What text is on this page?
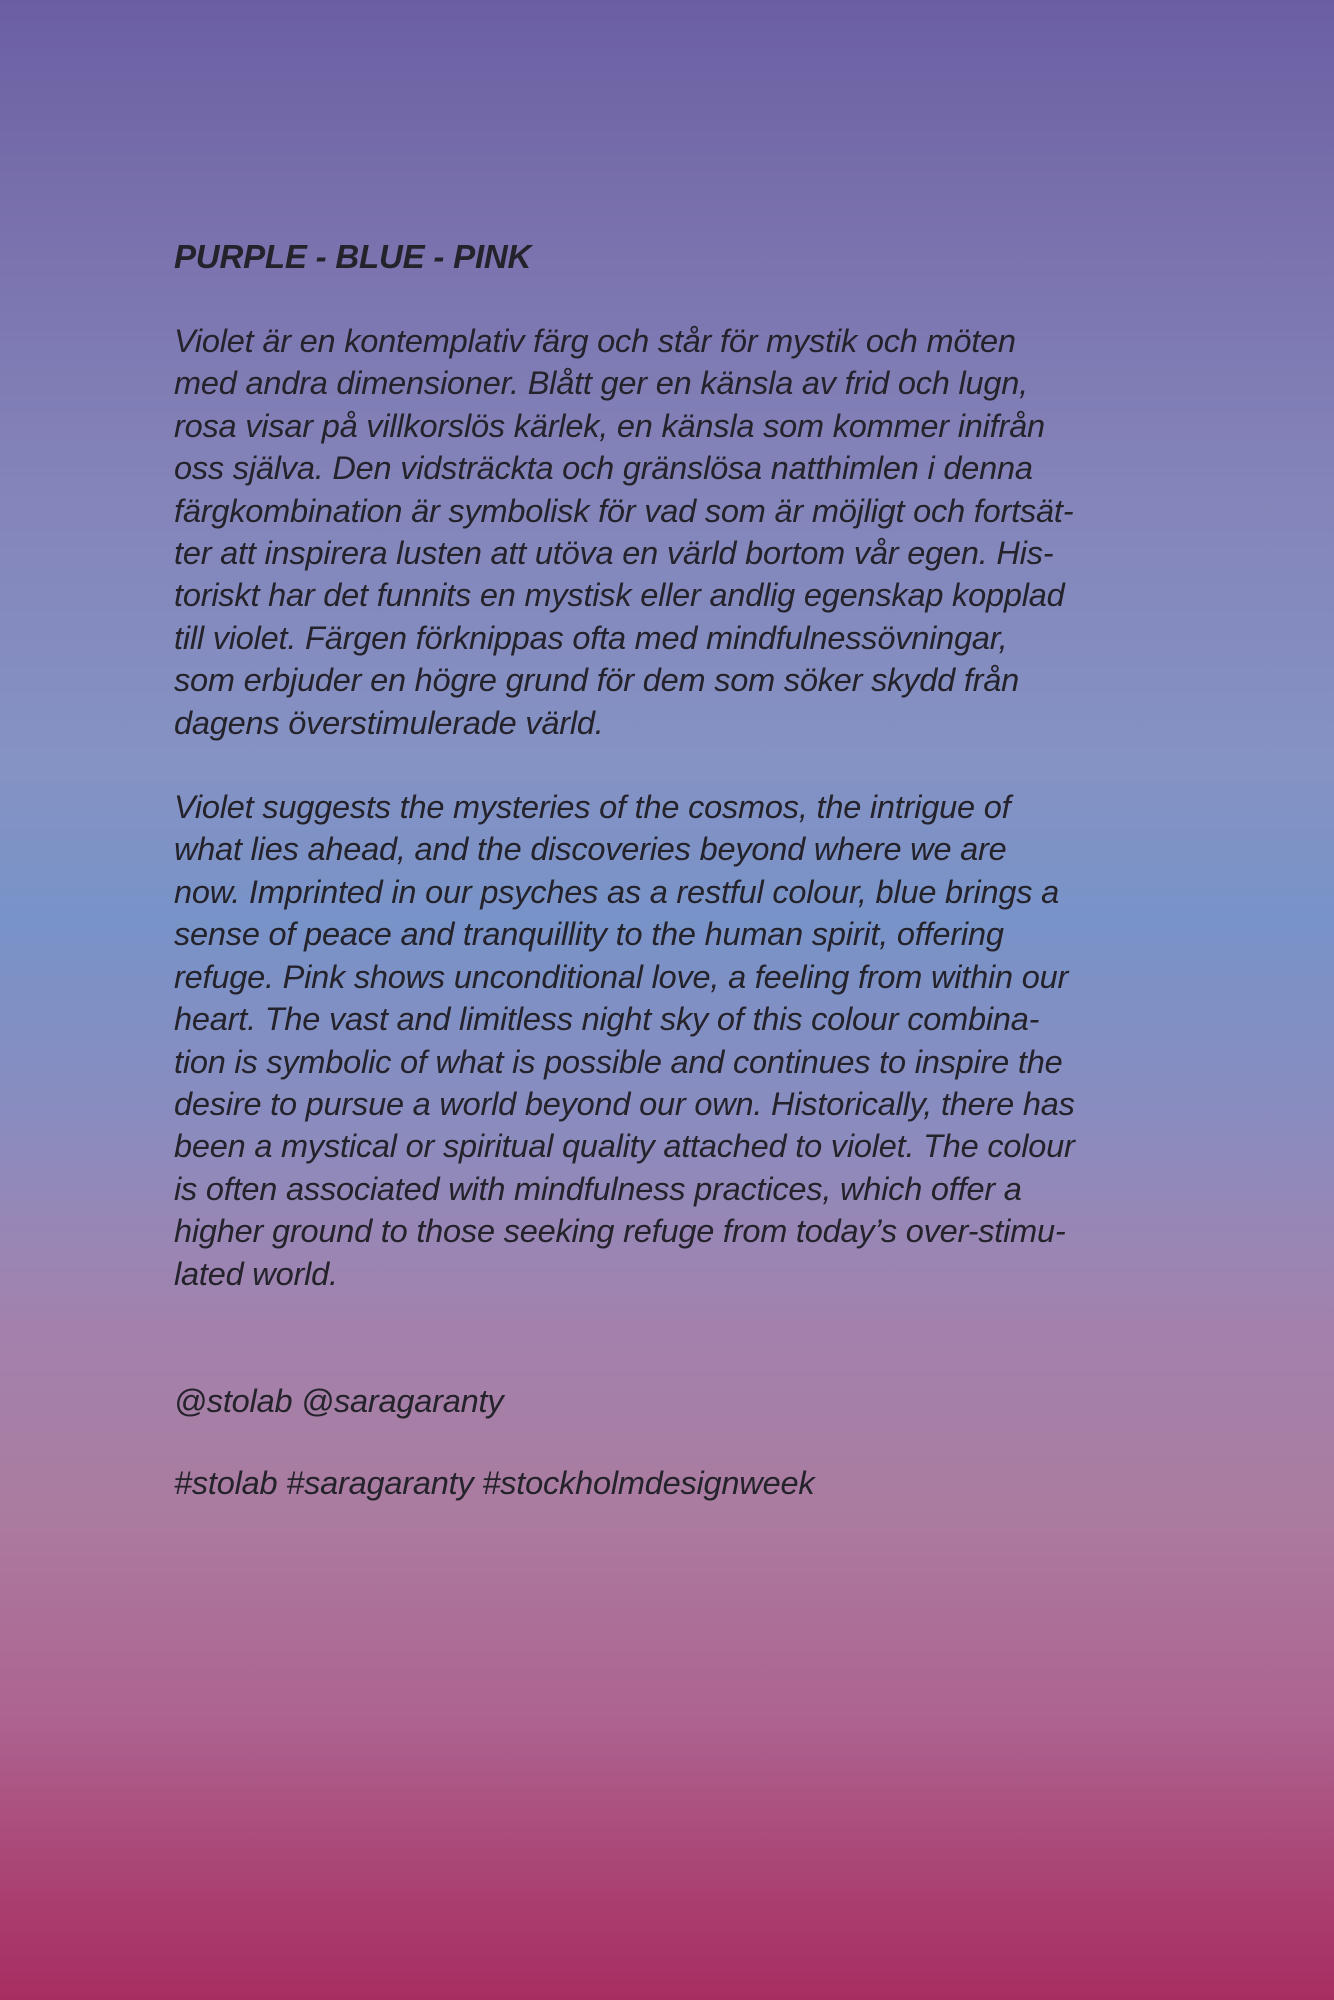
PURPLE - BLUE - PINK
Violet är en kontemplativ färg och står för mystik och möten
med andra dimensioner. Blått ger en känsla av frid och lugn,
rosa visar på villkorslös kärlek, en känsla som kommer inifrån
oss själva. Den vidsträckta och gränslösa natthimlen i denna
färgkombination är symbolisk för vad som är möjligt och fortsät-
ter att inspirera lusten att utöva en värld bortom vår egen. His-
toriskt har det funnits en mystisk eller andlig egenskap kopplad
till violet. Färgen förknippas ofta med mindfulnessövningar,
som erbjuder en högre grund för dem som söker skydd från
dagens överstimulerade värld.
Violet suggests the mysteries of the cosmos, the intrigue of
what lies ahead, and the discoveries beyond where we are
now. Imprinted in our psyches as a restful colour, blue brings a
sense of peace and tranquillity to the human spirit, offering
refuge. Pink shows unconditional love, a feeling from within our
heart. The vast and limitless night sky of this colour combina-
tion is symbolic of what is possible and continues to inspire the
desire to pursue a world beyond our own. Historically, there has
been a mystical or spiritual quality attached to violet. The colour
is often associated with mindfulness practices, which offer a
higher ground to those seeking refuge from today’s over-stimu-
lated world.
@stolab @saragaranty
#stolab #saragaranty #stockholmdesignweek
